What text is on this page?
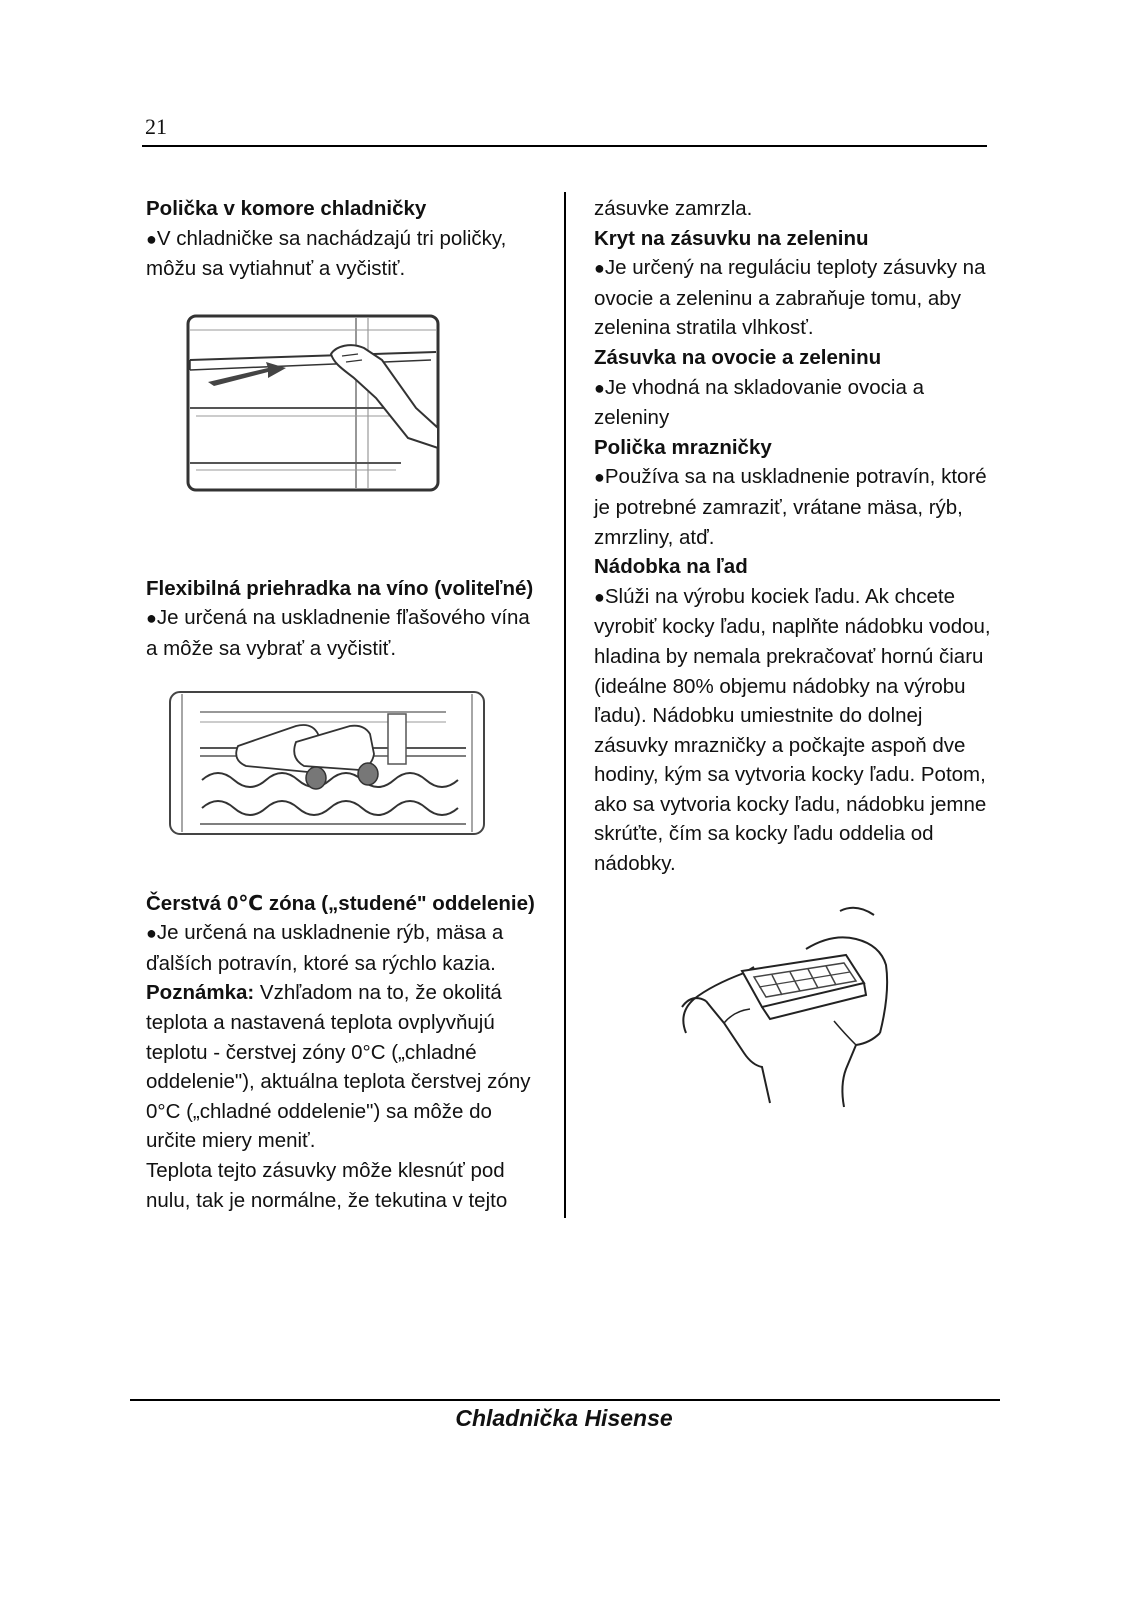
21

Polička v komore chladničky

●V chladničke sa nachádzajú tri poličky, môžu sa vytiahnuť a vyčistiť.

Flexibilná priehradka na víno (voliteľné)

●Je určená na uskladnenie fľašového vína a môže sa vybrať a vyčistiť.

Čerstvá 0℃ zóna („studené" oddelenie)

●Je určená na uskladnenie rýb, mäsa a ďalších potravín, ktoré sa rýchlo kazia.

Poznámka: Vzhľadom na to, že okolitá teplota a nastavená teplota ovplyvňujú teplotu - čerstvej zóny 0°C („chladné oddelenie"), aktuálna teplota čerstvej zóny 0°C („chladné oddelenie") sa môže do určite miery meniť.

Teplota tejto zásuvky môže klesnúť pod nulu, tak je normálne, že tekutina v tejto

zásuvke zamrzla.

Kryt na zásuvku na zeleninu

●Je určený na reguláciu teploty zásuvky na ovocie a zeleninu a zabraňuje tomu, aby zelenina stratila vlhkosť.

Zásuvka na ovocie a zeleninu

●Je vhodná na skladovanie ovocia a zeleniny

Polička mrazničky

●Používa sa na uskladnenie potravín, ktoré je potrebné zamraziť, vrátane mäsa, rýb, zmrzliny, atď.

Nádobka na ľad

●Slúži na výrobu kociek ľadu. Ak chcete vyrobiť kocky ľadu, naplňte nádobku vodou, hladina by nemala prekračovať hornú čiaru (ideálne 80% objemu nádobky na výrobu ľadu). Nádobku umiestnite do dolnej zásuvky mrazničky a počkajte aspoň dve hodiny, kým sa vytvoria kocky ľadu. Potom, ako sa vytvoria kocky ľadu, nádobku jemne skrúťte, čím sa kocky ľadu oddelia od nádobky.

Chladnička Hisense
